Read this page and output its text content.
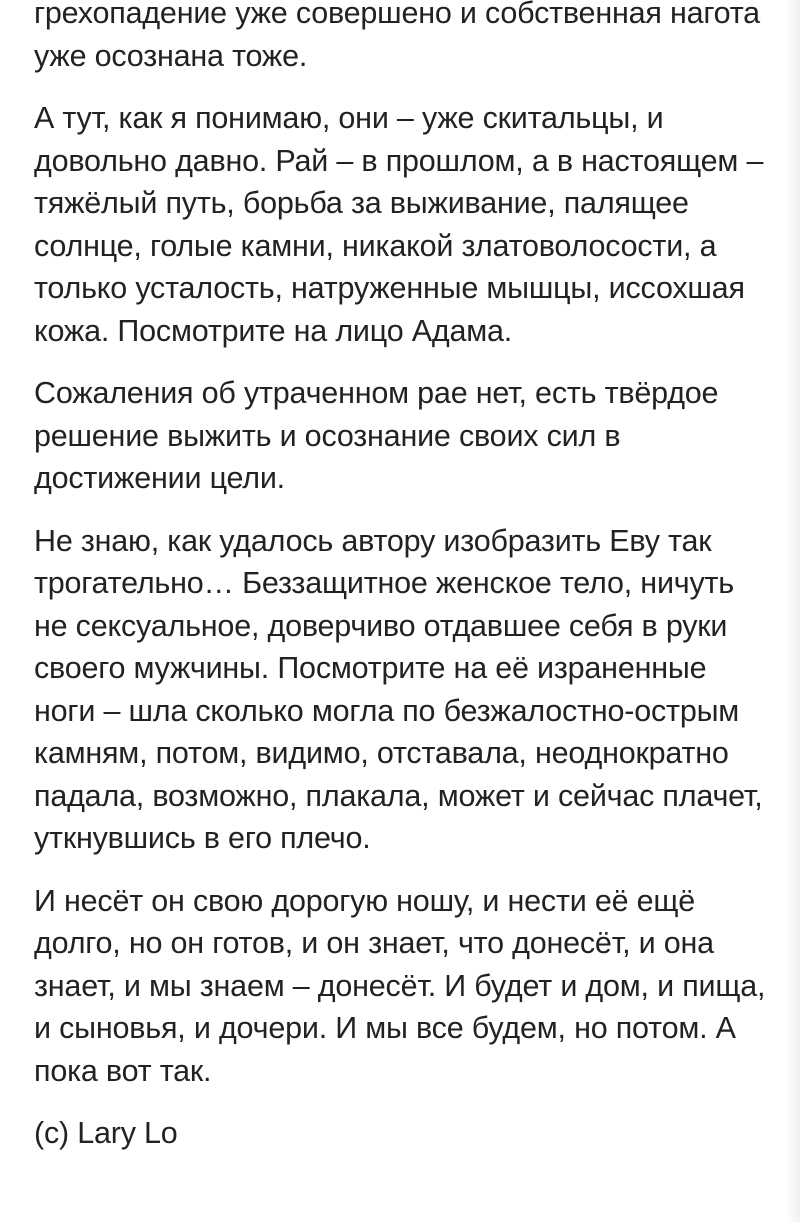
грехопадение уже совершено и собственная нагота уже осознана тоже.

А тут, как я понимаю, они – уже скитальцы, и довольно давно. Рай – в прошлом, а в настоящем – тяжёлый путь, борьба за выживание, палящее солнце, голые камни, никакой златоволосости, а только усталость, натруженные мышцы, иссохшая кожа. Посмотрите на лицо Адама.

Сожаления об утраченном рае нет, есть твёрдое решение выжить и осознание своих сил в достижении цели.

Не знаю, как удалось автору изобразить Еву так трогательно… Беззащитное женское тело, ничуть не сексуальное, доверчиво отдавшее себя в руки своего мужчины. Посмотрите на её израненные ноги – шла сколько могла по безжалостно-острым камням, потом, видимо, отставала, неоднократно падала, возможно, плакала, может и сейчас плачет, уткнувшись в его плечо.

И несёт он свою дорогую ношу, и нести её ещё долго, но он готов, и он знает, что донесёт, и она знает, и мы знаем – донесёт. И будет и дом, и пища, и сыновья, и дочери. И мы все будем, но потом. А пока вот так.

(c) Lary Lo
